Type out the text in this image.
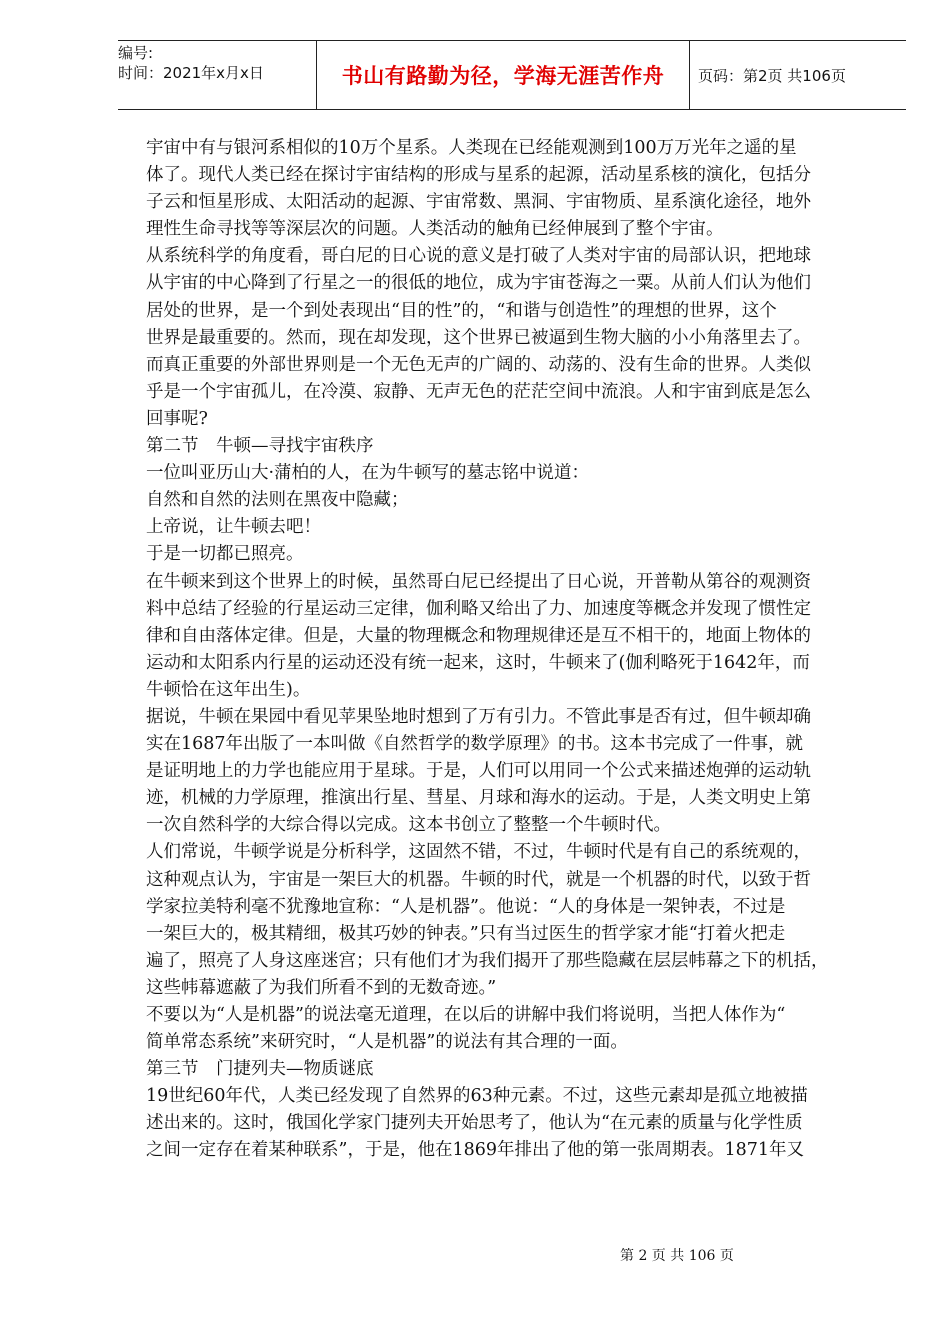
编号:
时间：2021年x月x日	书山有路勤为径，学海无涯苦作舟	页码：第2页 共106页
宇宙中有与银河系相似的10万个星系。人类现在已经能观测到100万万光年之遥的星
体了。现代人类已经在探讨宇宙结构的形成与星系的起源，活动星系核的演化，包括分
子云和恒星形成、太阳活动的起源、宇宙常数、黑洞、宇宙物质、星系演化途径，地外
理性生命寻找等等深层次的问题。人类活动的触角已经伸展到了整个宇宙。
从系统科学的角度看，哥白尼的日心说的意义是打破了人类对宇宙的局部认识，把地球
从宇宙的中心降到了行星之一的很低的地位，成为宇宙苍海之一粟。从前人们认为他们
居处的世界，是一个到处表现出“目的性”的，“和谐与创造性”的理想的世界，这个
世界是最重要的。然而，现在却发现，这个世界已被逼到生物大脑的小小角落里去了。
而真正重要的外部世界则是一个无色无声的广阔的、动荡的、没有生命的世界。人类似
乎是一个宇宙孤儿，在冷漠、寂静、无声无色的茫茫空间中流浪。人和宇宙到底是怎么
回事呢?
第二节　牛顿—寻找宇宙秩序
一位叫亚历山大·蒲柏的人，在为牛顿写的墓志铭中说道：
自然和自然的法则在黑夜中隐藏；
上帝说，让牛顿去吧！
于是一切都已照亮。
在牛顿来到这个世界上的时候，虽然哥白尼已经提出了日心说，开普勒从第谷的观测资
料中总结了经验的行星运动三定律，伽利略又给出了力、加速度等概念并发现了惯性定
律和自由落体定律。但是，大量的物理概念和物理规律还是互不相干的，地面上物体的
运动和太阳系内行星的运动还没有统一起来，这时，牛顿来了(伽利略死于1642年，而
牛顿恰在这年出生)。
据说，牛顿在果园中看见苹果坠地时想到了万有引力。不管此事是否有过，但牛顿却确
实在1687年出版了一本叫做《自然哲学的数学原理》的书。这本书完成了一件事，就
是证明地上的力学也能应用于星球。于是，人们可以用同一个公式来描述炮弹的运动轨
迹，机械的力学原理，推演出行星、彗星、月球和海水的运动。于是，人类文明史上第
一次自然科学的大综合得以完成。这本书创立了整整一个牛顿时代。
人们常说，牛顿学说是分析科学，这固然不错，不过，牛顿时代是有自己的系统观的，
这种观点认为，宇宙是一架巨大的机器。牛顿的时代，就是一个机器的时代，以致于哲
学家拉美特利毫不犹豫地宣称：“人是机器”。他说：“人的身体是一架钟表，不过是
一架巨大的，极其精细，极其巧妙的钟表。”只有当过医生的哲学家才能“打着火把走
遍了，照亮了人身这座迷宫；只有他们才为我们揭开了那些隐藏在层层帏幕之下的机括，
这些帏幕遮蔽了为我们所看不到的无数奇迹。”
不要以为“人是机器”的说法毫无道理，在以后的讲解中我们将说明，当把人体作为“
简单常态系统”来研究时，“人是机器”的说法有其合理的一面。
第三节　门捷列夫—物质谜底
19世纪60年代，人类已经发现了自然界的63种元素。不过，这些元素却是孤立地被描
述出来的。这时，俄国化学家门捷列夫开始思考了，他认为“在元素的质量与化学性质
之间一定存在着某种联系”，于是，他在1869年排出了他的第一张周期表。1871年又
第 2 页 共 106 页
